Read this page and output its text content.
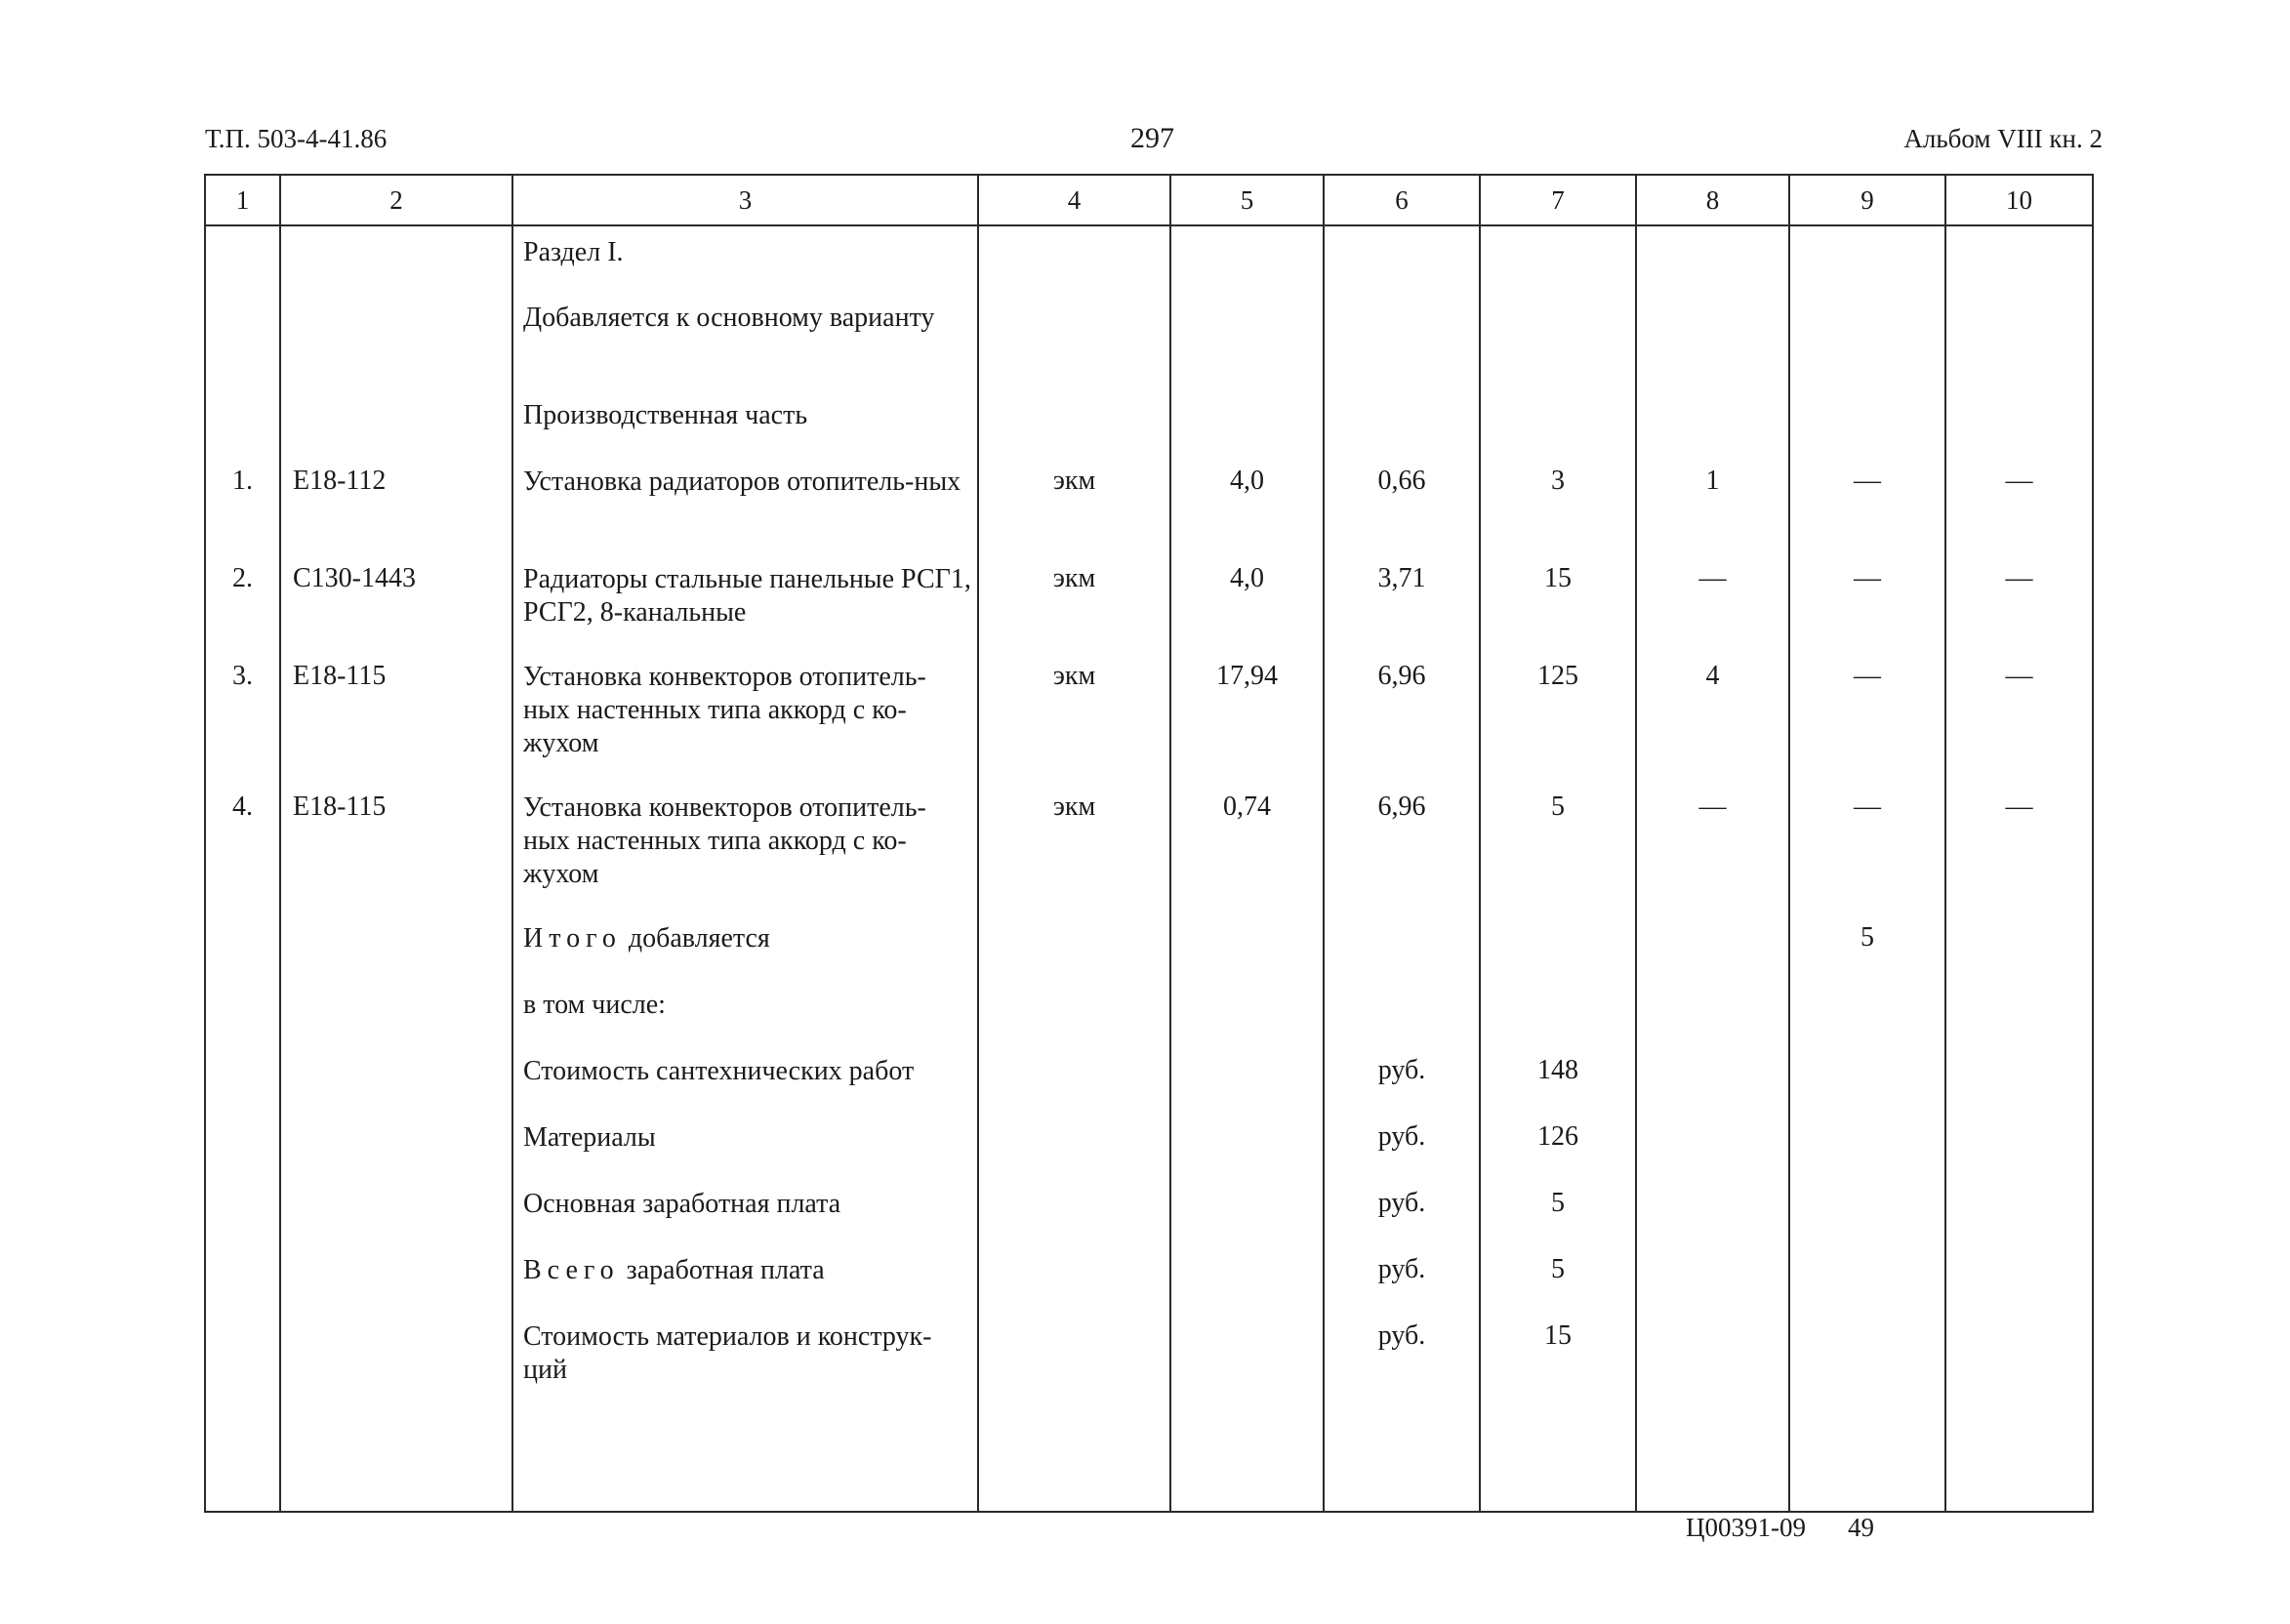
Т.П. 503-4-41.86	297	Альбом VIII кн. 2
1	2	3	4	5	6	7	8	9	10
		Раздел I.							
		Добавляется к основному варианту							
		Производственная часть							
1.	Е18-112	Установка радиаторов отопитель-ных	экм	4,0	0,66	3	1	—	—
2.	С130-1443	Радиаторы стальные панельные РСГ1, РСГ2, 8-канальные	экм	4,0	3,71	15	—	—	—
3.	Е18-115	Установка конвекторов отопитель-ных настенных типа аккорд с ко-жухом	экм	17,94	6,96	125	4	—	—
4.	Е18-115	Установка конвекторов отопитель-ных настенных типа аккорд с ко-жухом	экм	0,74	6,96	5	—	—	—
		Итого добавляется						5	
		в том числе:							
		Стоимость сантехнических работ			руб.	148			
		Материалы			руб.	126			
		Основная заработная плата			руб.	5			
		Всего заработная плата			руб.	5			
		Стоимость материалов и конструк-ций			руб.	15			
Ц00391-09 49
